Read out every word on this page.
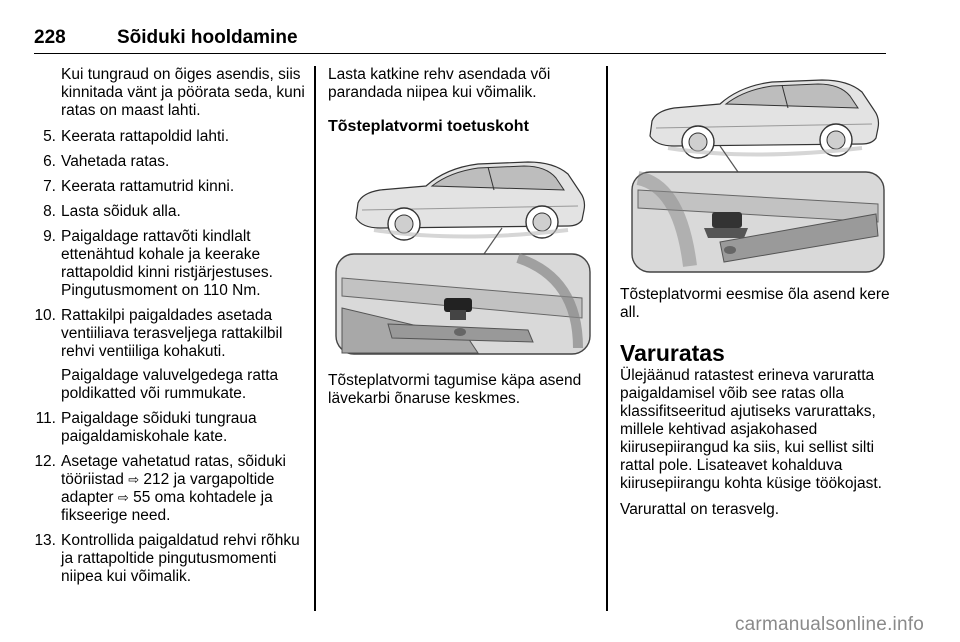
228	Sõiduki hooldamine

Kui tungraud on õiges asendis, siis kinnitada vänt ja pöörata seda, kuni ratas on maast lahti.

5. Keerata rattapoldid lahti.
6. Vahetada ratas.
7. Keerata rattamutrid kinni.
8. Lasta sõiduk alla.
9. Paigaldage rattavõti kindlalt ettenähtud kohale ja keerake rattapoldid kinni ristjärjestuses. Pingutusmoment on 110 Nm.
10. Rattakilpi paigaldades asetada ventiiliava terasveljega rattakilbil rehvi ventiiliga kohakuti.

Paigaldage valuvelgedega ratta poldikatted või rummukate.

11. Paigaldage sõiduki tungraua paigaldamiskohale kate.
12. Asetage vahetatud ratas, sõiduki tööriistad ⇨ 212 ja vargapoltide adapter ⇨ 55 oma kohtadele ja fikseerige need.
13. Kontrollida paigaldatud rehvi rõhku ja rattapoltide pingutusmomenti niipea kui võimalik.

Lasta katkine rehv asendada või parandada niipea kui võimalik.

Tõsteplatvormi toetuskoht

Tõsteplatvormi tagumise käpa asend lävekarbi õnaruse keskmes.

Tõsteplatvormi eesmise õla asend kere all.

Varuratas

Ülejäänud ratastest erineva varuratta paigaldamisel võib see ratas olla klassifitseeritud ajutiseks varurattaks, millele kehtivad asjakohased kiirusepiirangud ka siis, kui sellist silti rattal pole. Lisateavet kohalduva kiirusepiirangu kohta küsige töökojast.

Varurattal on terasvelg.

carmanualsonline.info
